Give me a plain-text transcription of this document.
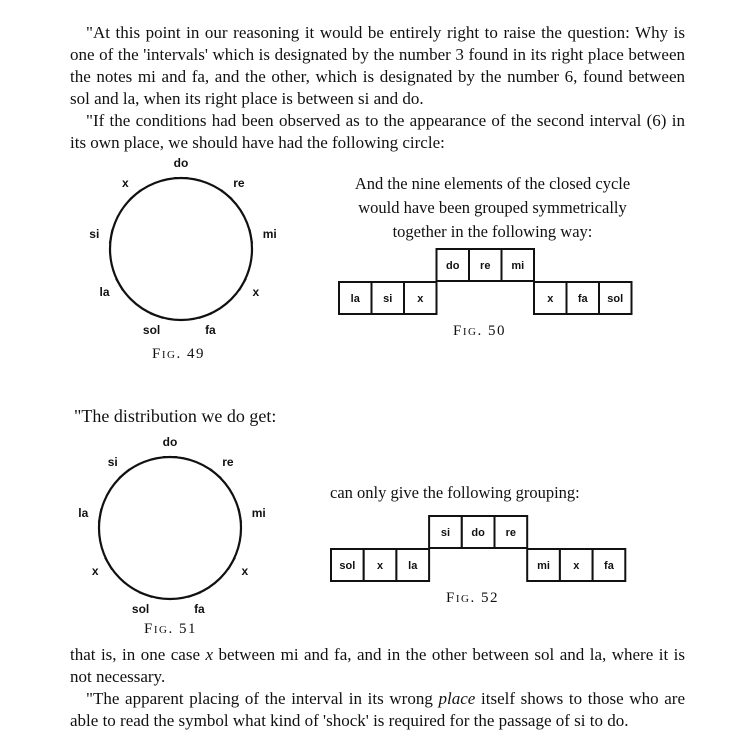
"At this point in our reasoning it would be entirely right to raise the question: Why is one of the 'intervals' which is designated by the number 3 found in its right place between the notes mi and fa, and the other, which is designated by the number 6, found between sol and la, when its right place is between si and do.

"If the conditions had been observed as to the appearance of the second interval (6) in its own place, we should have had the following circle:

And the nine elements of the closed cycle would have been grouped symmetrically together in the following way:

"The distribution we do get:

can only give the following grouping:

that is, in one case x between mi and fa, and in the other between sol and la, where it is not necessary.

"The apparent placing of the interval in its wrong place itself shows to those who are able to read the symbol what kind of 'shock' is required for the passage of si to do.

Fig. 49

Fig. 50

Fig. 51

Fig. 52

do
re
mi
x
fa
sol
la
si
x
la si x
do re mi
x fa sol
do
re
mi
x
fa
sol
x
la
si
sol x la
si do re
mi x fa
